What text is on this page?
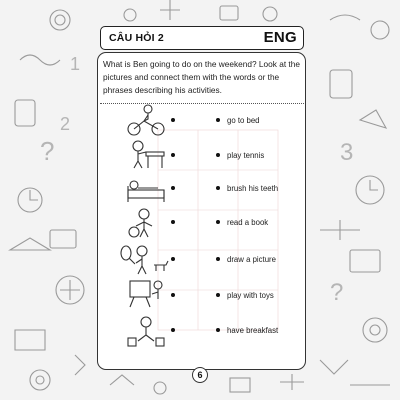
?
1
2
3
?
CÂU HỎI 2	ENG
What is Ben going to do on the weekend? Look at the pictures and connect them with the words or the phrases describing his activities.
go to bed
play tennis
brush his teeth
read a book
draw a picture
play with toys
have breakfast
6
